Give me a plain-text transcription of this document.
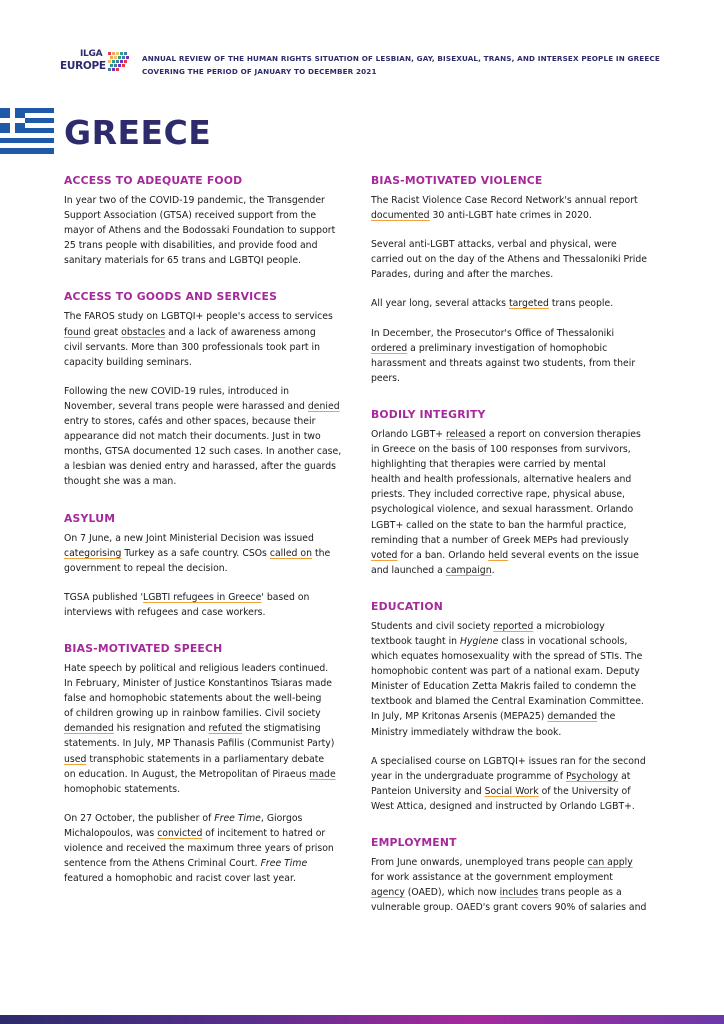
ILGA
EUROPE
ANNUAL REVIEW OF THE HUMAN RIGHTS SITUATION OF LESBIAN, GAY, BISEXUAL, TRANS, AND INTERSEX PEOPLE IN GREECE
COVERING THE PERIOD OF JANUARY TO DECEMBER 2021
GREECE
ACCESS TO ADEQUATE FOOD

In year two of the COVID-19 pandemic, the Transgender
Support Association (GTSA) received support from the
mayor of Athens and the Bodossaki Foundation to support
25 trans people with disabilities, and provide food and
sanitary materials for 65 trans and LGBTQI people.

ACCESS TO GOODS AND SERVICES

The FAROS study on LGBTQI+ people's access to services
found great obstacles and a lack of awareness among
civil servants. More than 300 professionals took part in
capacity building seminars.

Following the new COVID-19 rules, introduced in
November, several trans people were harassed and denied
entry to stores, cafés and other spaces, because their
appearance did not match their documents. Just in two
months, GTSA documented 12 such cases. In another case,
a lesbian was denied entry and harassed, after the guards
thought she was a man.

ASYLUM

On 7 June, a new Joint Ministerial Decision was issued
categorising Turkey as a safe country. CSOs called on the
government to repeal the decision.

TGSA published 'LGBTI refugees in Greece' based on
interviews with refugees and case workers.

BIAS-MOTIVATED SPEECH

Hate speech by political and religious leaders continued.
In February, Minister of Justice Konstantinos Tsiaras made
false and homophobic statements about the well-being
of children growing up in rainbow families. Civil society
demanded his resignation and refuted the stigmatising
statements. In July, MP Thanasis Pafilis (Communist Party)
used transphobic statements in a parliamentary debate
on education. In August, the Metropolitan of Piraeus made
homophobic statements.

On 27 October, the publisher of Free Time, Giorgos
Michalopoulos, was convicted of incitement to hatred or
violence and received the maximum three years of prison
sentence from the Athens Criminal Court. Free Time
featured a homophobic and racist cover last year.

BIAS-MOTIVATED VIOLENCE

The Racist Violence Case Record Network's annual report
documented 30 anti-LGBT hate crimes in 2020.

Several anti-LGBT attacks, verbal and physical, were
carried out on the day of the Athens and Thessaloniki Pride
Parades, during and after the marches.

All year long, several attacks targeted trans people.

In December, the Prosecutor's Office of Thessaloniki
ordered a preliminary investigation of homophobic
harassment and threats against two students, from their
peers.

BODILY INTEGRITY

Orlando LGBT+ released a report on conversion therapies
in Greece on the basis of 100 responses from survivors,
highlighting that therapies were carried by mental
health and health professionals, alternative healers and
priests. They included corrective rape, physical abuse,
psychological violence, and sexual harassment. Orlando
LGBT+ called on the state to ban the harmful practice,
reminding that a number of Greek MEPs had previously
voted for a ban. Orlando held several events on the issue
and launched a campaign.

EDUCATION

Students and civil society reported a microbiology
textbook taught in Hygiene class in vocational schools,
which equates homosexuality with the spread of STIs. The
homophobic content was part of a national exam. Deputy
Minister of Education Zetta Makris failed to condemn the
textbook and blamed the Central Examination Committee.
In July, MP Kritonas Arsenis (MEPA25) demanded the
Ministry immediately withdraw the book.

A specialised course on LGBTQI+ issues ran for the second
year in the undergraduate programme of Psychology at
Panteion University and Social Work of the University of
West Attica, designed and instructed by Orlando LGBT+.

EMPLOYMENT

From June onwards, unemployed trans people can apply
for work assistance at the government employment
agency (OAED), which now includes trans people as a
vulnerable group. OAED's grant covers 90% of salaries and
